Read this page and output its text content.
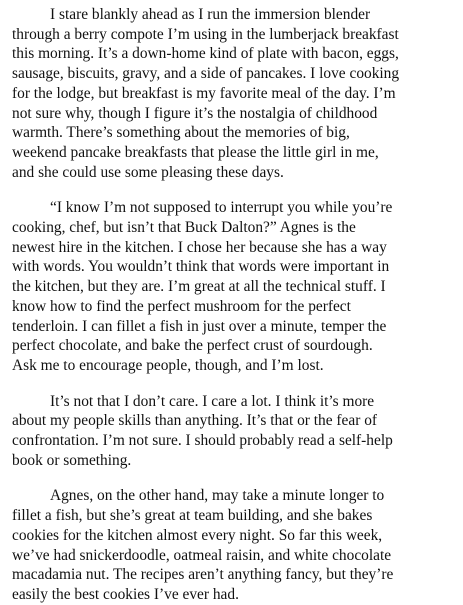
I stare blankly ahead as I run the immersion blender
through a berry compote I’m using in the lumberjack breakfast
this morning. It’s a down-home kind of plate with bacon, eggs,
sausage, biscuits, gravy, and a side of pancakes. I love cooking
for the lodge, but breakfast is my favorite meal of the day. I’m
not sure why, though I figure it’s the nostalgia of childhood
warmth. There’s something about the memories of big,
weekend pancake breakfasts that please the little girl in me,
and she could use some pleasing these days.

“I know I’m not supposed to interrupt you while you’re
cooking, chef, but isn’t that Buck Dalton?” Agnes is the
newest hire in the kitchen. I chose her because she has a way
with words. You wouldn’t think that words were important in
the kitchen, but they are. I’m great at all the technical stuff. I
know how to find the perfect mushroom for the perfect
tenderloin. I can fillet a fish in just over a minute, temper the
perfect chocolate, and bake the perfect crust of sourdough.
Ask me to encourage people, though, and I’m lost.

It’s not that I don’t care. I care a lot. I think it’s more
about my people skills than anything. It’s that or the fear of
confrontation. I’m not sure. I should probably read a self-help
book or something.

Agnes, on the other hand, may take a minute longer to
fillet a fish, but she’s great at team building, and she bakes
cookies for the kitchen almost every night. So far this week,
we’ve had snickerdoodle, oatmeal raisin, and white chocolate
macadamia nut. The recipes aren’t anything fancy, but they’re
easily the best cookies I’ve ever had.
